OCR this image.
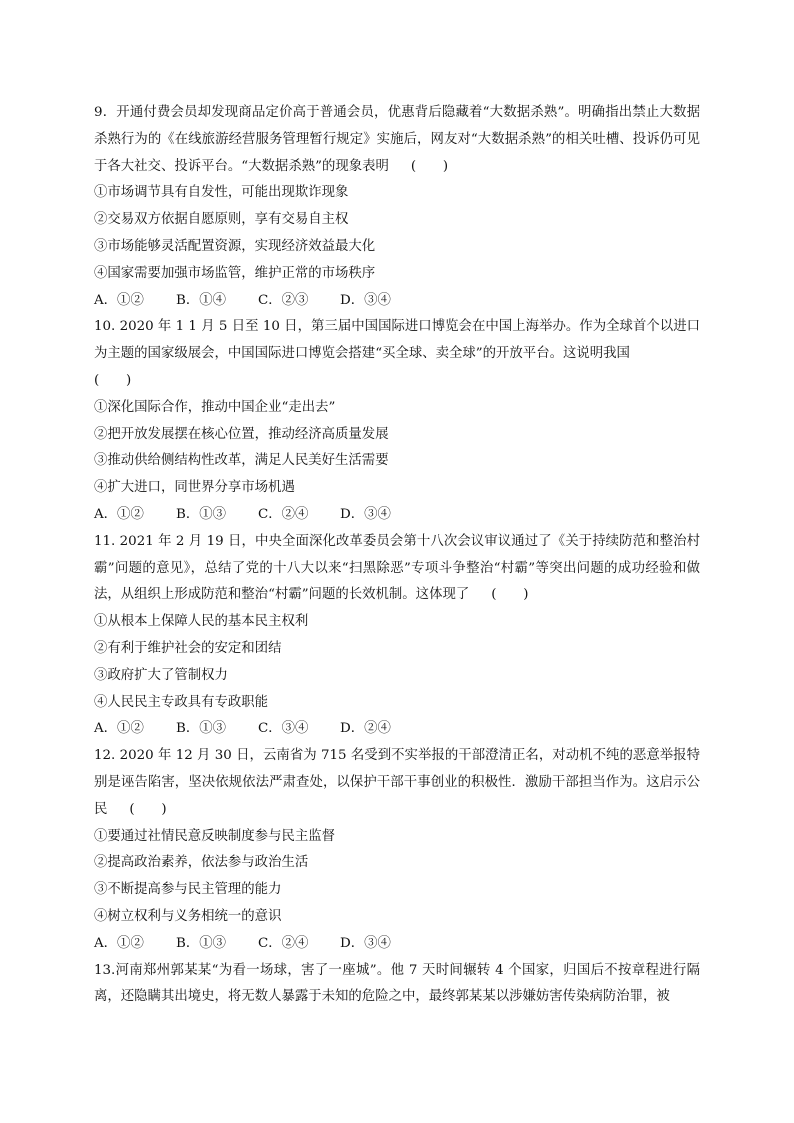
9．开通付费会员却发现商品定价高于普通会员，优惠背后隐藏着“大数据杀熟”。明确指出禁止大数据杀熟行为的《在线旅游经营服务管理暂行规定》实施后，网友对“大数据杀熟”的相关吐槽、投诉仍可见于各大社交、投诉平台。“大数据杀熟”的现象表明 (　　)
①市场调节具有自发性，可能出现欺诈现象
②交易双方依据自愿原则，享有交易自主权
③市场能够灵活配置资源，实现经济效益最大化
④国家需要加强市场监管，维护正常的市场秩序
A．①② B．①④ C．②③ D．③④
10. 2020 年 1 1 月 5 日至 10 日，第三届中国国际进口博览会在中国上海举办。作为全球首个以进口为主题的国家级展会，中国国际进口博览会搭建“买全球、卖全球”的开放平台。这说明我国
(　　)
①深化国际合作，推动中国企业“走出去”
②把开放发展摆在核心位置，推动经济高质量发展
③推动供给侧结构性改革，满足人民美好生活需要
④扩大进口，同世界分享市场机遇
A．①② B．①③ C．②④ D．③④
11. 2021 年 2 月 19 日，中央全面深化改革委员会第十八次会议审议通过了《关于持续防范和整治村霸”问题的意见》，总结了党的十八大以来“扫黑除恶”专项斗争整治“村霸”等突出问题的成功经验和做法，从组织上形成防范和整治“村霸”问题的长效机制。这体现了 (　　)
①从根本上保障人民的基本民主权利
②有利于维护社会的安定和团结
③政府扩大了管制权力
④人民民主专政具有专政职能
A．①② B．①③ C．③④ D．②④
12. 2020 年 12 月 30 日，云南省为 715 名受到不实举报的干部澄清正名，对动机不纯的恶意举报特别是诬告陷害，坚决依规依法严肃查处，以保护干部干事创业的积极性．激励干部担当作为。这启示公民 (　　)
①要通过社情民意反映制度参与民主监督
②提高政治素养，依法参与政治生活
③不断提高参与民主管理的能力
④树立权利与义务相统一的意识
A．①② B．①③ C．②④ D．③④
13.河南郑州郭某某“为看一场球，害了一座城”。他 7 天时间辗转 4 个国家，归国后不按章程进行隔离，还隐瞒其出境史，将无数人暴露于未知的危险之中，最终郭某某以涉嫌妨害传染病防治罪，被
